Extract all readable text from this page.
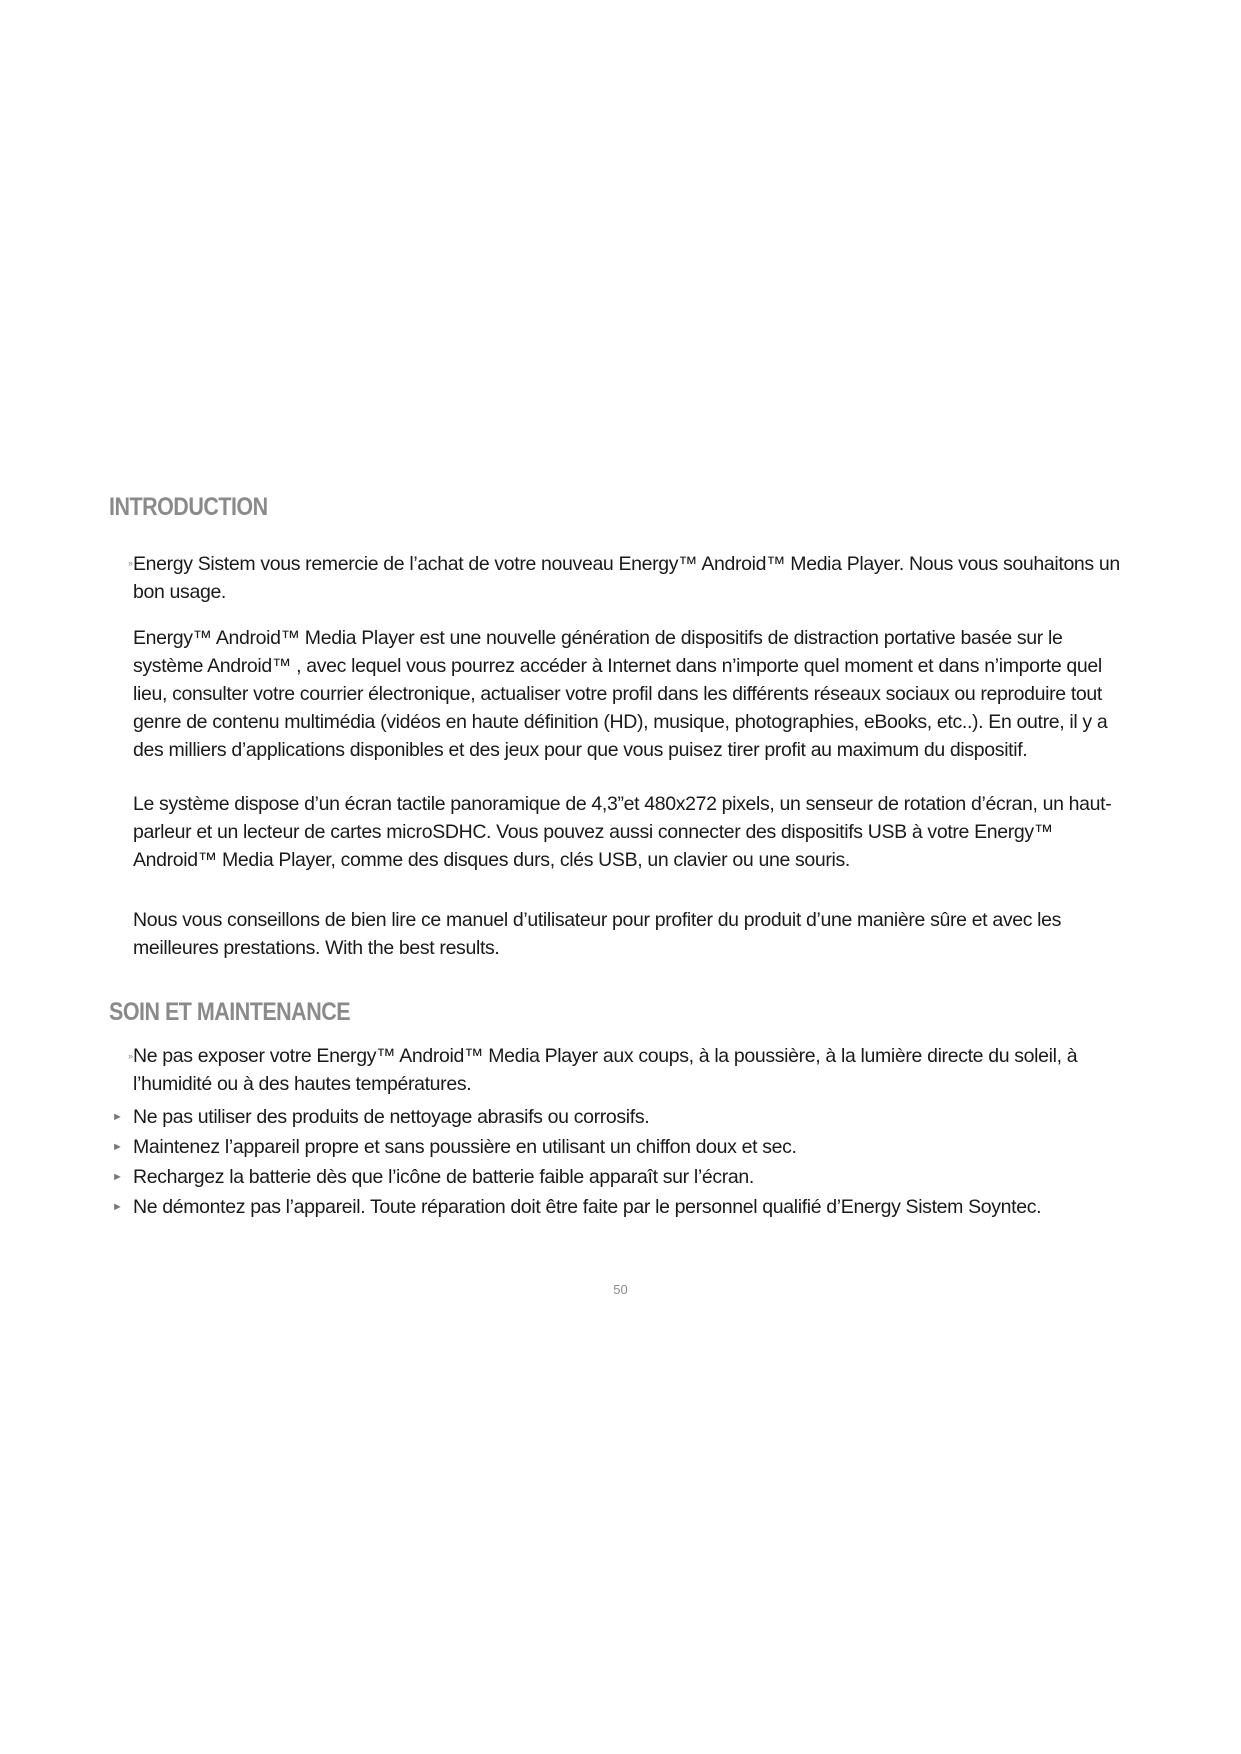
INTRODUCTION
» Energy Sistem vous remercie de l’achat de votre nouveau Energy™ Android™ Media Player. Nous vous souhaitons un bon usage.
Energy™ Android™ Media Player est une nouvelle génération de dispositifs de distraction portative basée sur le système Android™ , avec lequel vous pourrez accéder à Internet dans n’importe quel moment et dans n’importe quel lieu, consulter votre courrier électronique, actualiser votre profil dans les différents réseaux sociaux ou reproduire tout genre de contenu multimédia (vidéos en haute définition (HD), musique, photographies, eBooks, etc..). En outre, il y a des milliers d’applications disponibles et des jeux pour que vous puisez tirer profit au maximum du dispositif.
Le système dispose d’un écran tactile panoramique de 4,3”et 480x272 pixels, un senseur de rotation d’écran, un haut-parleur et un lecteur de cartes microSDHC. Vous pouvez aussi connecter des dispositifs USB à votre Energy™ Android™ Media Player, comme des disques durs, clés USB, un clavier ou une souris.
Nous vous conseillons de bien lire ce manuel d’utilisateur pour profiter du produit d’une manière sûre et avec les meilleures prestations. With the best results.
SOIN ET MAINTENANCE
» Ne pas exposer votre Energy™ Android™ Media Player aux coups, à la poussière, à la lumière directe du soleil, à l’humidité ou à des hautes températures.
► Ne pas utiliser des produits de nettoyage abrasifs ou corrosifs.
► Maintenez l’appareil propre et sans poussière en utilisant un chiffon doux et sec.
► Rechargez la batterie dès que l’icône de batterie faible apparaît sur l’écran.
► Ne démontez pas l’appareil. Toute réparation doit être faite par le personnel qualifié d’Energy Sistem Soyntec.
50
